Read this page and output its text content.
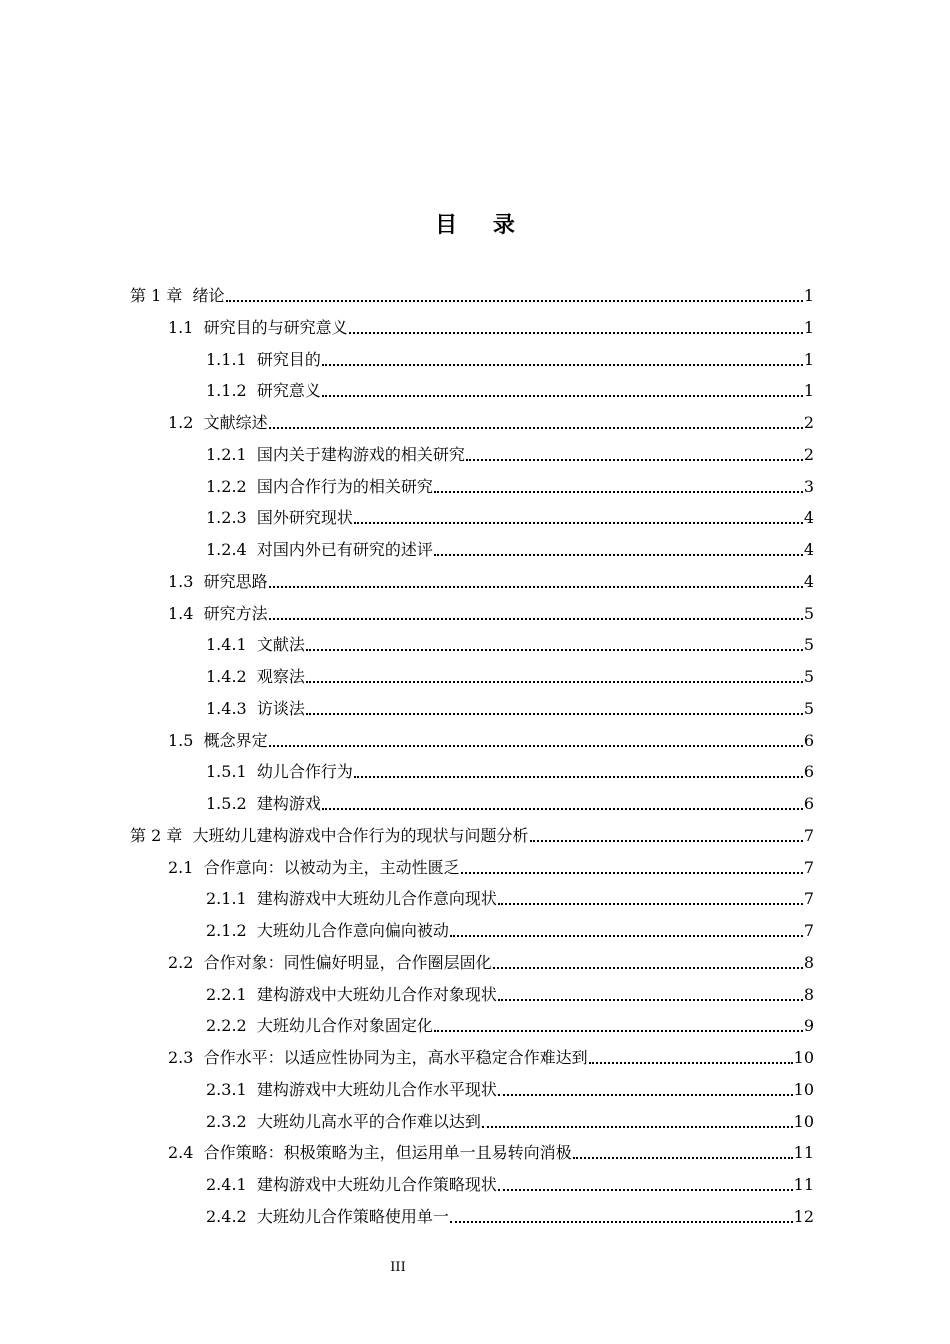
目 录
第 1 章 绪论	1
1.1 研究目的与研究意义	1
1.1.1 研究目的	1
1.1.2 研究意义	1
1.2 文献综述	2
1.2.1 国内关于建构游戏的相关研究	2
1.2.2 国内合作行为的相关研究	3
1.2.3 国外研究现状	4
1.2.4 对国内外已有研究的述评	4
1.3 研究思路	4
1.4 研究方法	5
1.4.1 文献法	5
1.4.2 观察法	5
1.4.3 访谈法	5
1.5 概念界定	6
1.5.1 幼儿合作行为	6
1.5.2 建构游戏	6
第 2 章 大班幼儿建构游戏中合作行为的现状与问题分析	7
2.1 合作意向：以被动为主，主动性匮乏	7
2.1.1 建构游戏中大班幼儿合作意向现状	7
2.1.2 大班幼儿合作意向偏向被动	7
2.2 合作对象：同性偏好明显，合作圈层固化	8
2.2.1 建构游戏中大班幼儿合作对象现状	8
2.2.2 大班幼儿合作对象固定化	9
2.3 合作水平：以适应性协同为主，高水平稳定合作难达到	10
2.3.1 建构游戏中大班幼儿合作水平现状	10
2.3.2 大班幼儿高水平的合作难以达到	10
2.4 合作策略：积极策略为主，但运用单一且易转向消极	11
2.4.1 建构游戏中大班幼儿合作策略现状	11
2.4.2 大班幼儿合作策略使用单一	12
III
